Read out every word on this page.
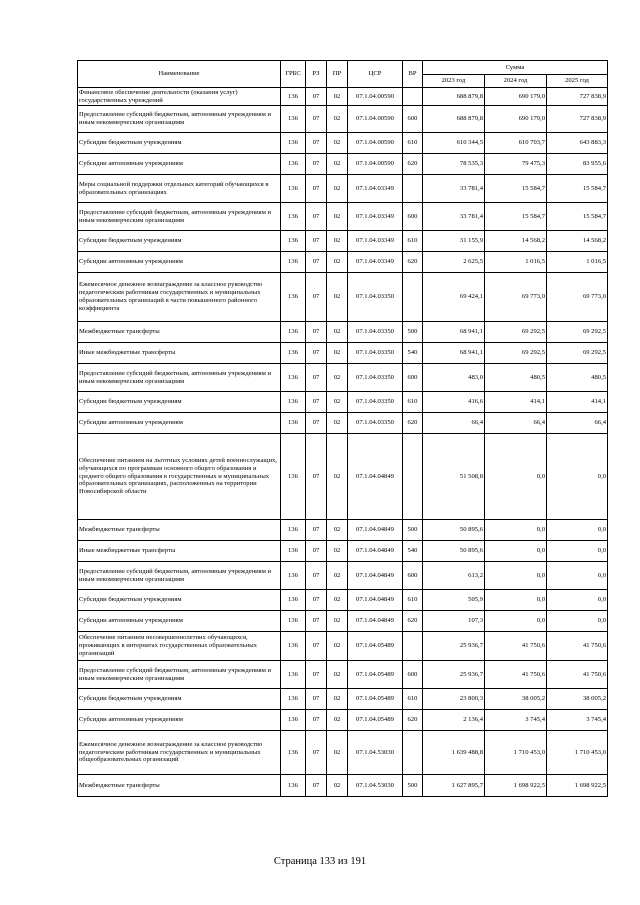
Наименование	ГРБС	РЗ	ПР	ЦСР	ВР	Сумма		
						2023 год	2024 год	2025 год
Финансовое обеспечение деятельности (оказания услуг) государственных учреждений	136	07	02	07.1.04.00590		688 879,8	690 179,0	727 838,9
Предоставление субсидий бюджетным, автономным учреждениям и иным некоммерческим организациям	136	07	02	07.1.04.00590	600	688 879,8	690 179,0	727 838,9
Субсидии бюджетным учреждениям	136	07	02	07.1.04.00590	610	610 344,5	610 703,7	643 883,3
Субсидии автономным учреждениям	136	07	02	07.1.04.00590	620	78 535,3	79 475,3	83 955,6
Меры социальной поддержки отдельных категорий обучающихся в образовательных организациях	136	07	02	07.1.04.03349		33 781,4	15 584,7	15 584,7
Предоставление субсидий бюджетным, автономным учреждениям и иным некоммерческим организациям	136	07	02	07.1.04.03349	600	33 781,4	15 584,7	15 584,7
Субсидии бюджетным учреждениям	136	07	02	07.1.04.03349	610	31 155,9	14 568,2	14 568,2
Субсидии автономным учреждениям	136	07	02	07.1.04.03349	620	2 625,5	1 016,5	1 016,5
Ежемесячное денежное вознаграждение за классное руководство педагогическим работникам государственных и муниципальных образовательных организаций в части повышенного районного коэффициента	136	07	02	07.1.04.03350		69 424,1	69 773,0	69 773,0
Межбюджетные трансферты	136	07	02	07.1.04.03350	500	68 941,1	69 292,5	69 292,5
Иные межбюджетные трансферты	136	07	02	07.1.04.03350	540	68 941,1	69 292,5	69 292,5
Предоставление субсидий бюджетным, автономным учреждениям и иным некоммерческим организациям	136	07	02	07.1.04.03350	600	483,0	480,5	480,5
Субсидии бюджетным учреждениям	136	07	02	07.1.04.03350	610	416,6	414,1	414,1
Субсидии автономным учреждениям	136	07	02	07.1.04.03350	620	66,4	66,4	66,4
Обеспечение питанием на льготных условиях детей военнослужащих, обучающихся по программам основного общего образования и среднего общего образования в государственных и муниципальных образовательных организациях, расположенных на территории Новосибирской области	136	07	02	07.1.04.04849		51 508,8	0,0	0,0
Межбюджетные трансферты	136	07	02	07.1.04.04849	500	50 895,6	0,0	0,0
Иные межбюджетные трансферты	136	07	02	07.1.04.04849	540	50 895,6	0,0	0,0
Предоставление субсидий бюджетным, автономным учреждениям и иным некоммерческим организациям	136	07	02	07.1.04.04849	600	613,2	0,0	0,0
Субсидии бюджетным учреждениям	136	07	02	07.1.04.04849	610	505,9	0,0	0,0
Субсидии автономным учреждениям	136	07	02	07.1.04.04849	620	107,3	0,0	0,0
Обеспечение питанием несовершеннолетних обучающихся, проживающих в интернатах государственных образовательных организаций	136	07	02	07.1.04.05489		25 936,7	41 750,6	41 750,6
Предоставление субсидий бюджетным, автономным учреждениям и иным некоммерческим организациям	136	07	02	07.1.04.05489	600	25 936,7	41 750,6	41 750,6
Субсидии бюджетным учреждениям	136	07	02	07.1.04.05489	610	23 800,3	38 005,2	38 005,2
Субсидии автономным учреждениям	136	07	02	07.1.04.05489	620	2 136,4	3 745,4	3 745,4
Ежемесячное денежное вознаграждение за классное руководство педагогическим работникам государственных и муниципальных общеобразовательных организаций	136	07	02	07.1.04.53030		1 639 488,8	1 710 453,0	1 710 453,0
Межбюджетные трансферты	136	07	02	07.1.04.53030	500	1 627 895,7	1 698 922,5	1 698 922,5
Страница 133 из 191
